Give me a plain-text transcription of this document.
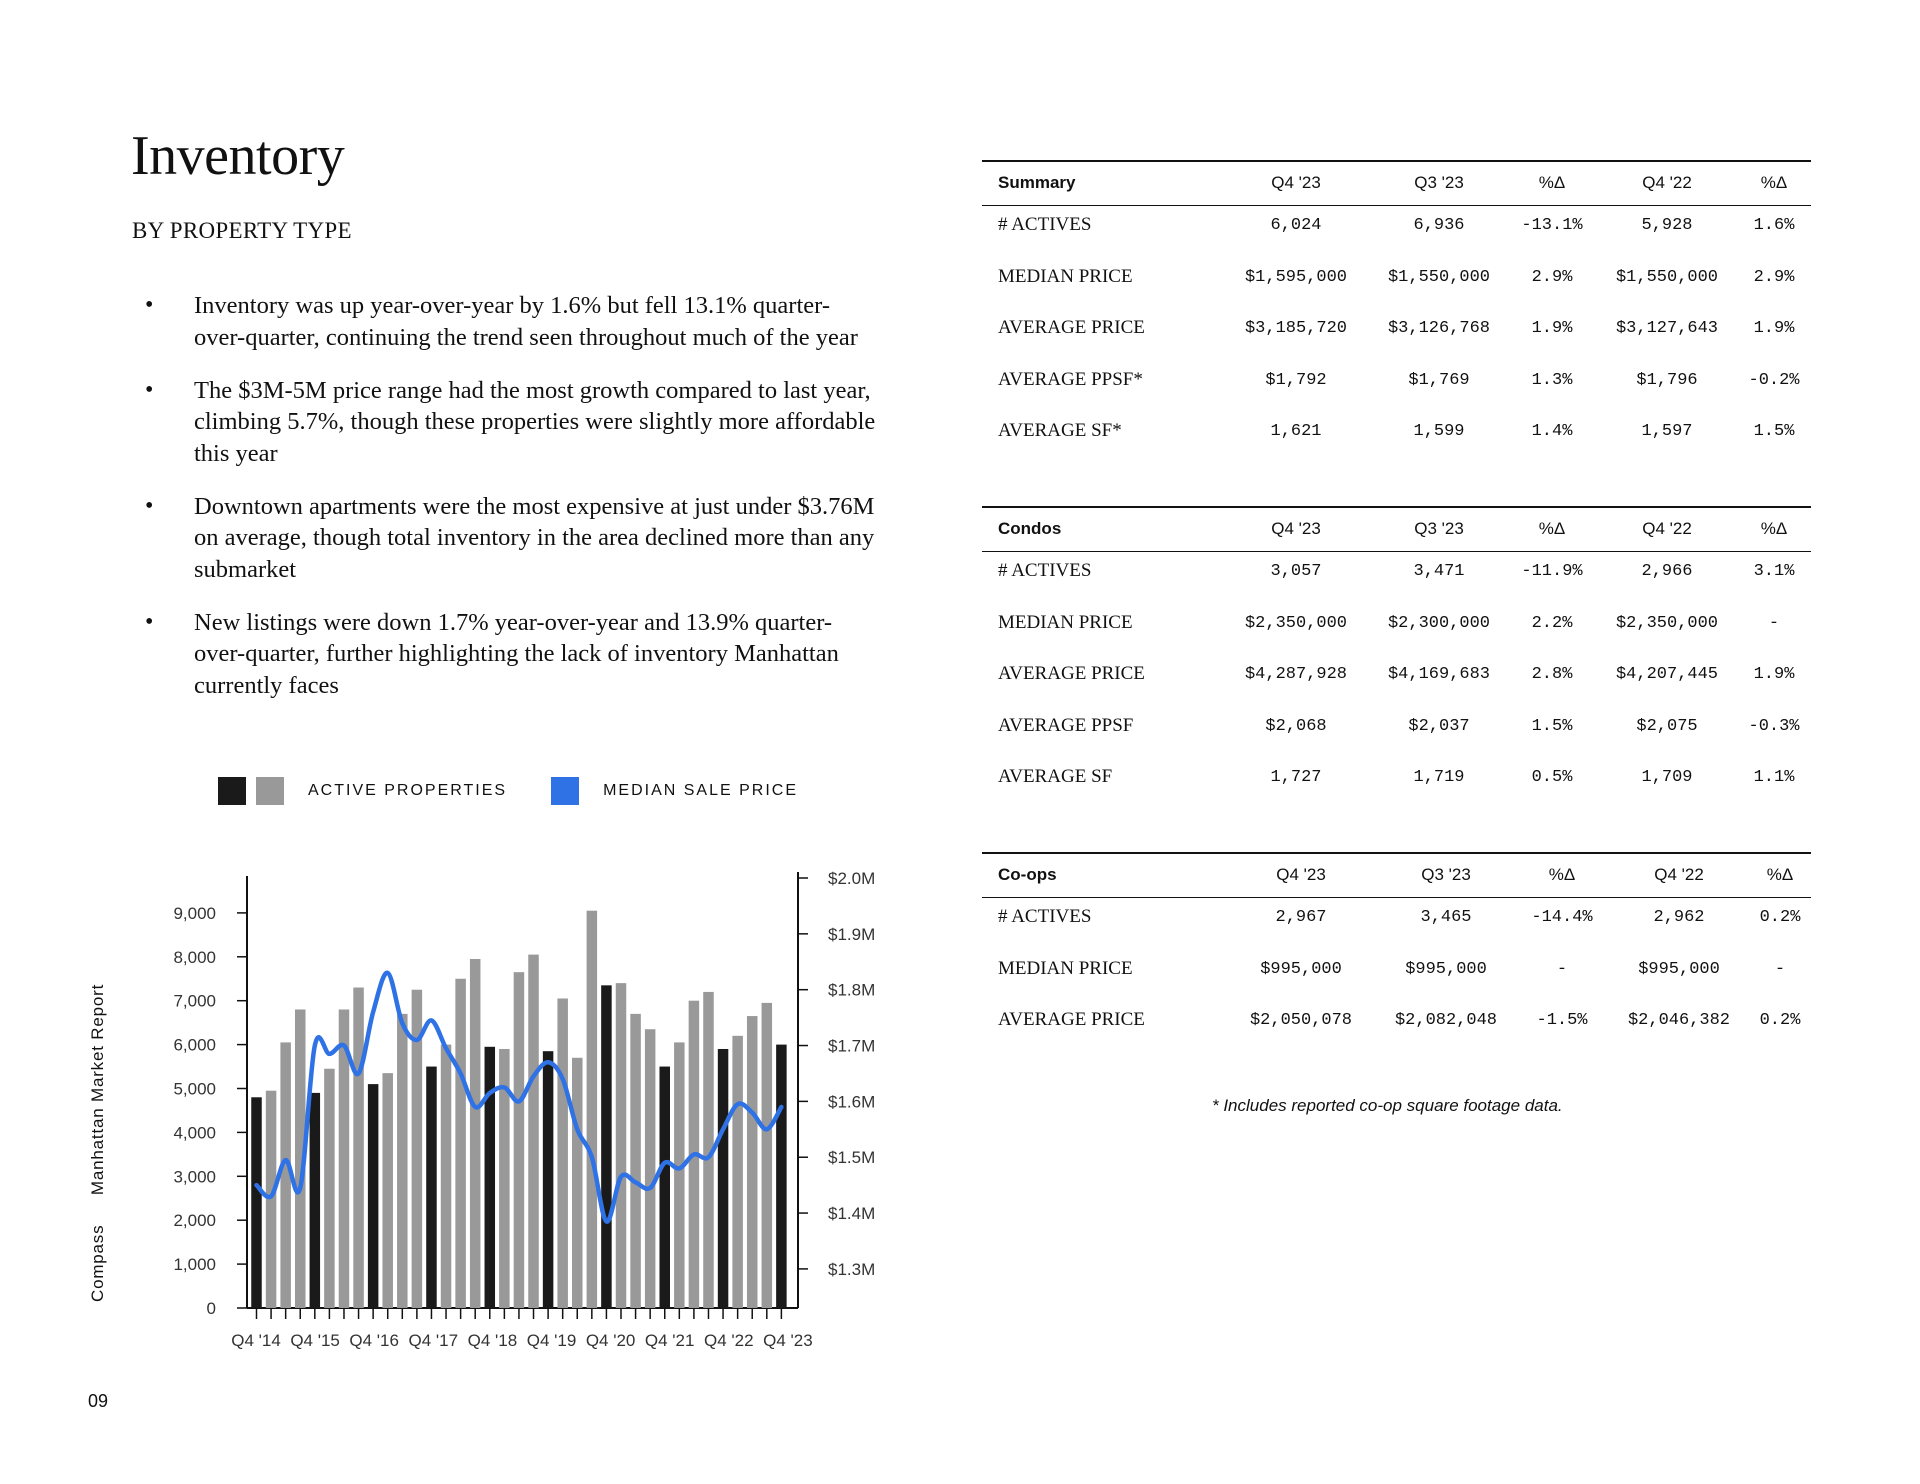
Inventory
BY PROPERTY TYPE
• Inventory was up year-over-year by 1.6% but fell 13.1% quarter-over-quarter, continuing the trend seen throughout much of the year
• The $3M-5M price range had the most growth compared to last year, climbing 5.7%, though these properties were slightly more affordable this year
• Downtown apartments were the most expensive at just under $3.76M on average, though total inventory in the area declined more than any submarket
• New listings were down 1.7% year-over-year and 13.9% quarter-over-quarter, further highlighting the lack of inventory Manhattan currently faces
ACTIVE PROPERTIES	MEDIAN SALE PRICE
0
1,000
2,000
3,000
4,000
5,000
6,000
7,000
8,000
9,000
$1.3M
$1.4M
$1.5M
$1.6M
$1.7M
$1.8M
$1.9M
$2.0M
Q4 '14 Q4 '15 Q4 '16 Q4 '17 Q4 '18 Q4 '19 Q4 '20 Q4 '21 Q4 '22 Q4 '23
Compass Manhattan Market Report
09
Summary	Q4 '23	Q3 '23	%Δ	Q4 '22	%Δ
# ACTIVES	6,024	6,936	-13.1%	5,928	1.6%
MEDIAN PRICE	$1,595,000 $1,550,000 2.9%	$1,550,000 2.9%
AVERAGE PRICE	$3,185,720 $3,126,768 1.9%	$3,127,643 1.9%
AVERAGE PPSF*	$1,792	$1,769	1.3%	$1,796	-0.2%
AVERAGE SF*	1,621	1,599	1.4%	1,597	1.5%
Condos	Q4 '23	Q3 '23	%Δ	Q4 '22	%Δ
# ACTIVES	3,057	3,471	-11.9%	2,966	3.1%
MEDIAN PRICE	$2,350,000 $2,300,000 2.2%	$2,350,000	-
AVERAGE PRICE	$4,287,928 $4,169,683 2.8%	$4,207,445 1.9%
AVERAGE PPSF	$2,068	$2,037	1.5%	$2,075	-0.3%
AVERAGE SF	1,727	1,719	0.5%	1,709	1.1%
Co-ops	Q4 '23	Q3 '23	%Δ	Q4 '22	%Δ
# ACTIVES	2,967	3,465	-14.4%	2,962	0.2%
MEDIAN PRICE	$995,000	$995,000	-	$995,000	-
AVERAGE PRICE	$2,050,078	$2,082,048 -1.5% $2,046,382 0.2%
* Includes reported co-op square footage data.
